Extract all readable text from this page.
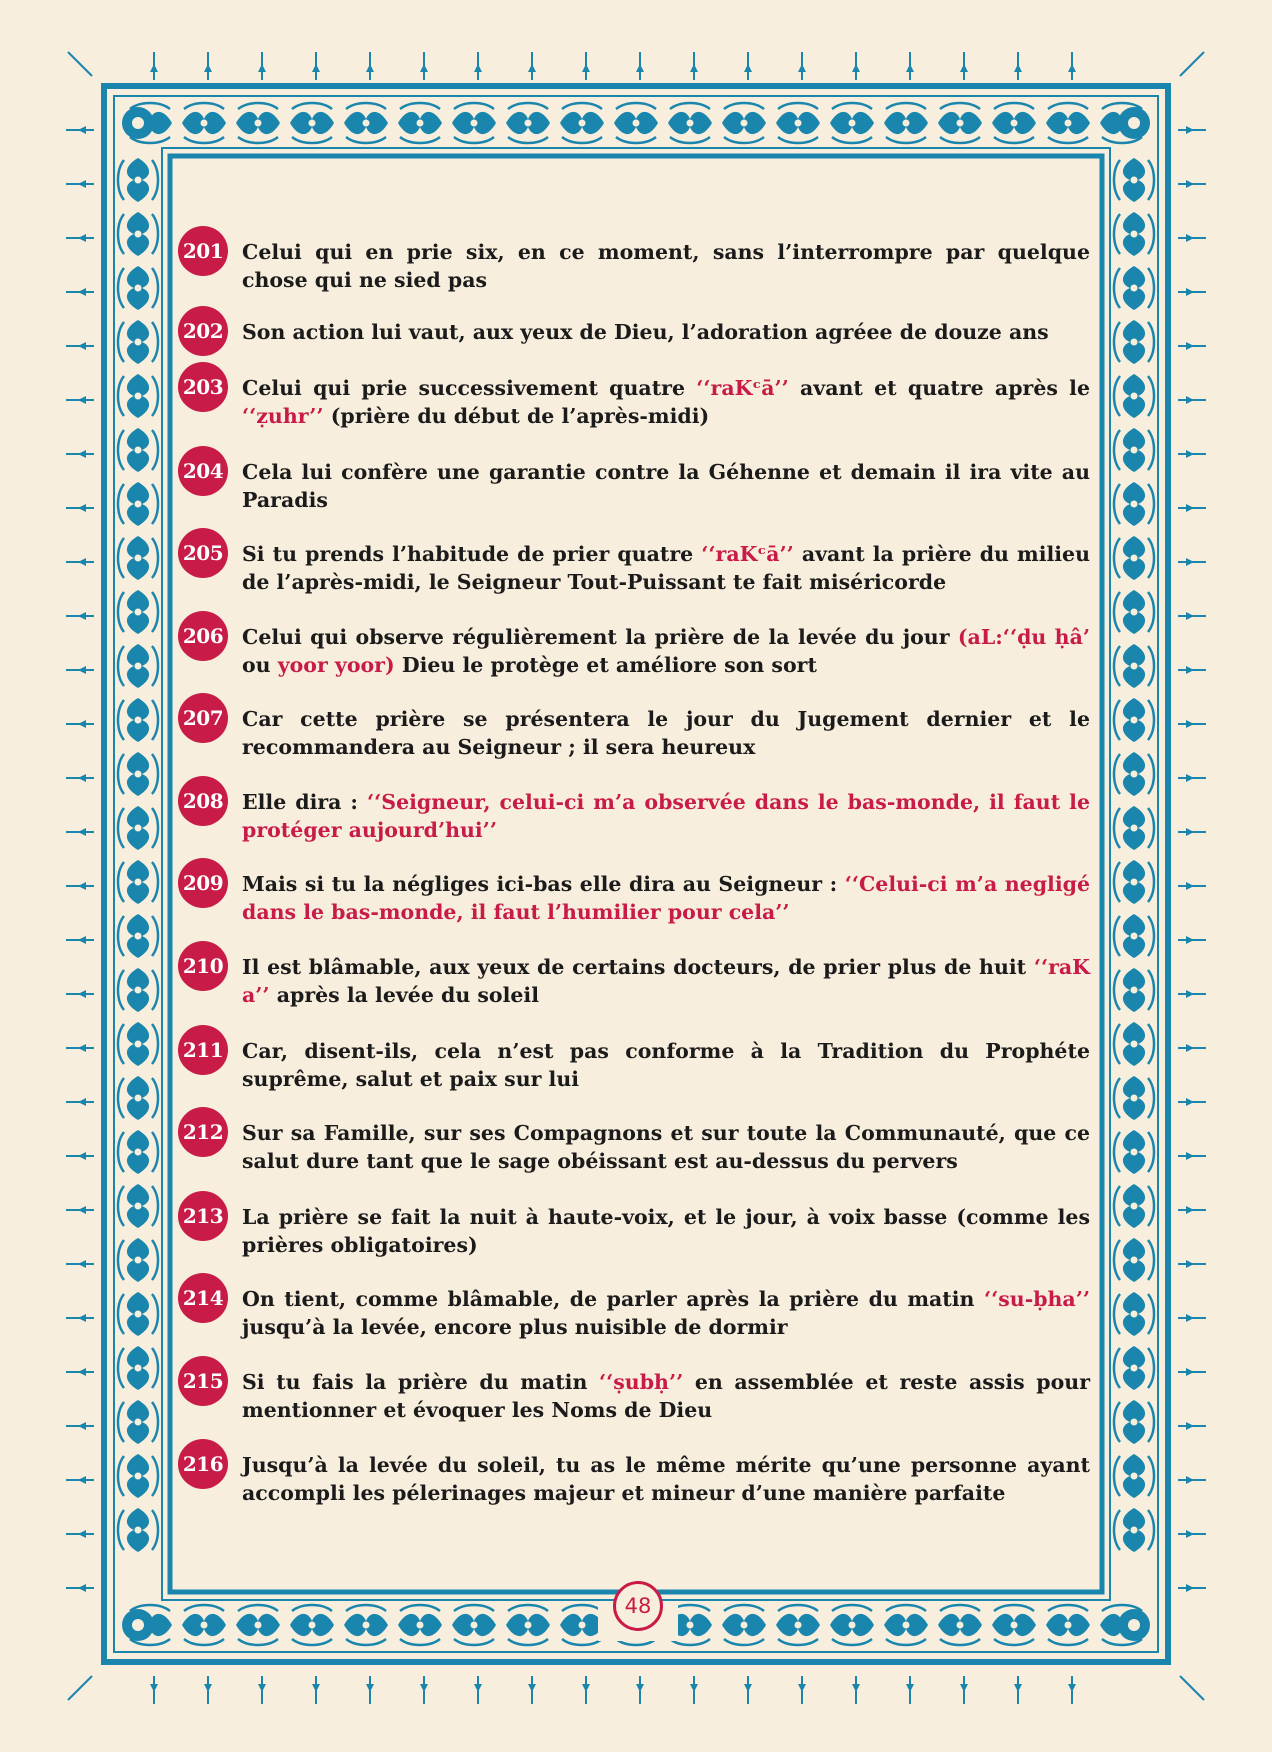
201 Celui qui en prie six, en ce moment, sans l’interrompre par quelque chose qui ne sied pas
202 Son action lui vaut, aux yeux de Dieu, l’adoration agréee de douze ans
203 Celui qui prie successivement quatre ‘‘raKᶜā’’ avant et quatre après le ‘‘ẓuhr’’ (prière du début de l’après-midi)
204 Cela lui confère une garantie contre la Géhenne et demain il ira vite au Paradis
205 Si tu prends l’habitude de prier quatre ‘‘raKᶜā’’ avant la prière du milieu de l’après-midi, le Seigneur Tout-Puissant te fait miséricorde
206 Celui qui observe régulièrement la prière de la levée du jour (aL:‘‘ḍu ḥâ’ ou yoor yoor) Dieu le protège et améliore son sort
207 Car cette prière se présentera le jour du Jugement dernier et le recommandera au Seigneur ; il sera heureux
208 Elle dira : ‘‘Seigneur, celui-ci m’a observée dans le bas-monde, il faut le protéger aujourd’hui’’
209 Mais si tu la négliges ici-bas elle dira au Seigneur : ‘‘Celui-ci m’a negligé dans le bas-monde, il faut l’humilier pour cela’’
210 Il est blâmable, aux yeux de certains docteurs, de prier plus de huit ‘‘raK a’’ après la levée du soleil
211 Car, disent-ils, cela n’est pas conforme à la Tradition du Prophéte suprême, salut et paix sur lui
212 Sur sa Famille, sur ses Compagnons et sur toute la Communauté, que ce salut dure tant que le sage obéissant est au-dessus du pervers
213 La prière se fait la nuit à haute-voix, et le jour, à voix basse (comme les prières obligatoires)
214 On tient, comme blâmable, de parler après la prière du matin ‘‘su-ḅha’’ jusqu’à la levée, encore plus nuisible de dormir
215 Si tu fais la prière du matin ‘‘ṣubḥ’’ en assemblée et reste assis pour mentionner et évoquer les Noms de Dieu
216 Jusqu’à la levée du soleil, tu as le même mérite qu’une personne ayant accompli les pélerinages majeur et mineur d’une manière parfaite
48
